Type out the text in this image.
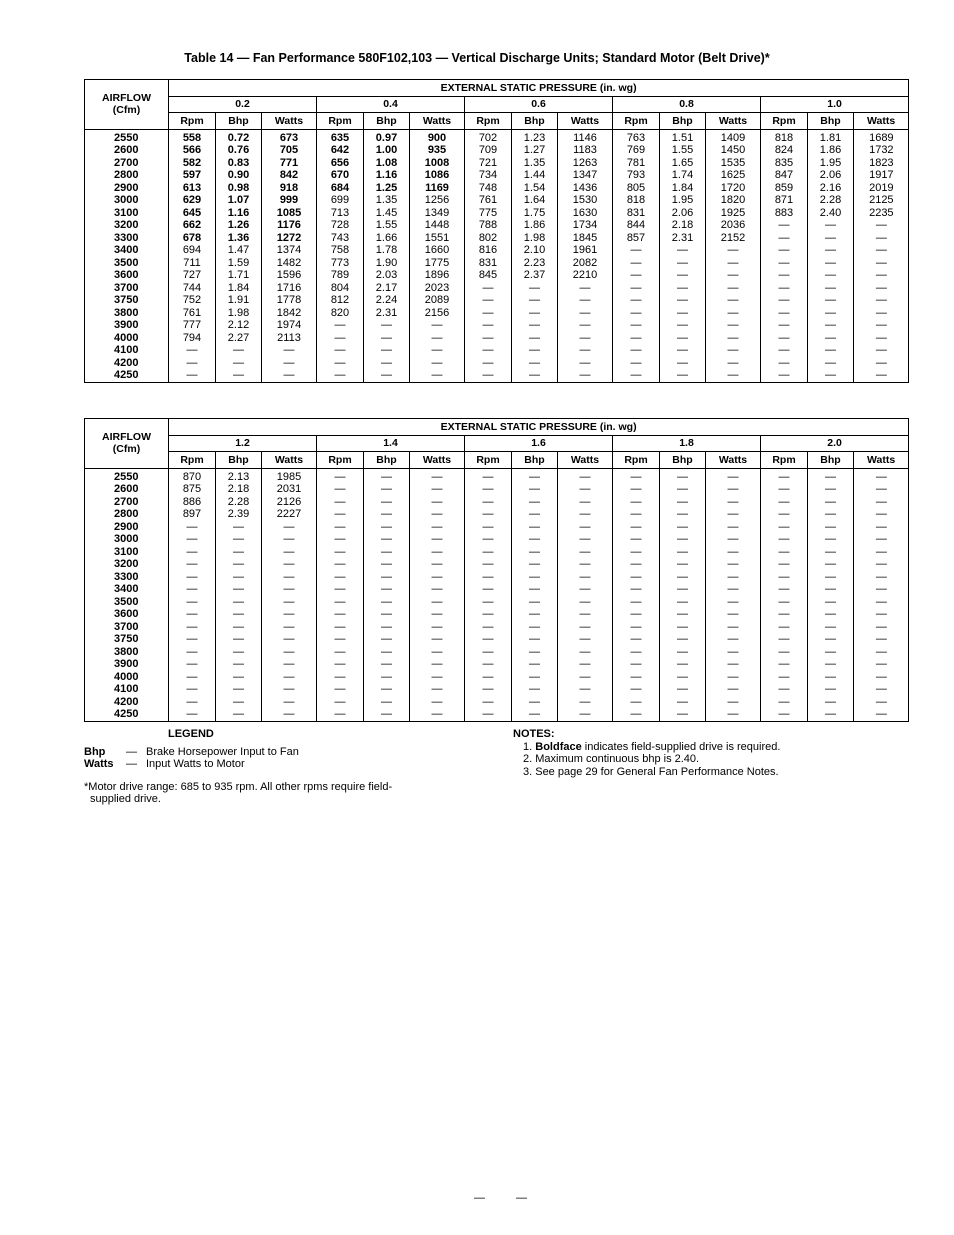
Table 14 — Fan Performance 580F102,103 — Vertical Discharge Units; Standard Motor (Belt Drive)*
AIRFLOW
(Cfm)	EXTERNAL STATIC PRESSURE (in. wg)														
	0.2			0.4			0.6			0.8			1.0		
	Rpm	Bhp	Watts	Rpm	Bhp	Watts	Rpm	Bhp	Watts	Rpm	Bhp	Watts	Rpm	Bhp	Watts
2550	558	0.72	673	635	0.97	900	702	1.23	1146	763	1.51	1409	818	1.81	1689
2600	566	0.76	705	642	1.00	935	709	1.27	1183	769	1.55	1450	824	1.86	1732
2700	582	0.83	771	656	1.08	1008	721	1.35	1263	781	1.65	1535	835	1.95	1823
2800	597	0.90	842	670	1.16	1086	734	1.44	1347	793	1.74	1625	847	2.06	1917
2900	613	0.98	918	684	1.25	1169	748	1.54	1436	805	1.84	1720	859	2.16	2019
3000	629	1.07	999	699	1.35	1256	761	1.64	1530	818	1.95	1820	871	2.28	2125
3100	645	1.16	1085	713	1.45	1349	775	1.75	1630	831	2.06	1925	883	2.40	2235
3200	662	1.26	1176	728	1.55	1448	788	1.86	1734	844	2.18	2036	—	—	—
3300	678	1.36	1272	743	1.66	1551	802	1.98	1845	857	2.31	2152	—	—	—
3400	694	1.47	1374	758	1.78	1660	816	2.10	1961	—	—	—	—	—	—
3500	711	1.59	1482	773	1.90	1775	831	2.23	2082	—	—	—	—	—	—
3600	727	1.71	1596	789	2.03	1896	845	2.37	2210	—	—	—	—	—	—
3700	744	1.84	1716	804	2.17	2023	—	—	—	—	—	—	—	—	—
3750	752	1.91	1778	812	2.24	2089	—	—	—	—	—	—	—	—	—
3800	761	1.98	1842	820	2.31	2156	—	—	—	—	—	—	—	—	—
3900	777	2.12	1974	—	—	—	—	—	—	—	—	—	—	—	—
4000	794	2.27	2113	—	—	—	—	—	—	—	—	—	—	—	—
4100	—	—	—	—	—	—	—	—	—	—	—	—	—	—	—
4200	—	—	—	—	—	—	—	—	—	—	—	—	—	—	—
4250	—	—	—	—	—	—	—	—	—	—	—	—	—	—	—
AIRFLOW
(Cfm)	EXTERNAL STATIC PRESSURE (in. wg)														
	1.2			1.4			1.6			1.8			2.0		
	Rpm	Bhp	Watts	Rpm	Bhp	Watts	Rpm	Bhp	Watts	Rpm	Bhp	Watts	Rpm	Bhp	Watts
2550	870	2.13	1985	—	—	—	—	—	—	—	—	—	—	—	—
2600	875	2.18	2031	—	—	—	—	—	—	—	—	—	—	—	—
2700	886	2.28	2126	—	—	—	—	—	—	—	—	—	—	—	—
2800	897	2.39	2227	—	—	—	—	—	—	—	—	—	—	—	—
2900	—	—	—	—	—	—	—	—	—	—	—	—	—	—	—
3000	—	—	—	—	—	—	—	—	—	—	—	—	—	—	—
3100	—	—	—	—	—	—	—	—	—	—	—	—	—	—	—
3200	—	—	—	—	—	—	—	—	—	—	—	—	—	—	—
3300	—	—	—	—	—	—	—	—	—	—	—	—	—	—	—
3400	—	—	—	—	—	—	—	—	—	—	—	—	—	—	—
3500	—	—	—	—	—	—	—	—	—	—	—	—	—	—	—
3600	—	—	—	—	—	—	—	—	—	—	—	—	—	—	—
3700	—	—	—	—	—	—	—	—	—	—	—	—	—	—	—
3750	—	—	—	—	—	—	—	—	—	—	—	—	—	—	—
3800	—	—	—	—	—	—	—	—	—	—	—	—	—	—	—
3900	—	—	—	—	—	—	—	—	—	—	—	—	—	—	—
4000	—	—	—	—	—	—	—	—	—	—	—	—	—	—	—
4100	—	—	—	—	—	—	—	—	—	—	—	—	—	—	—
4200	—	—	—	—	—	—	—	—	—	—	—	—	—	—	—
4250	—	—	—	—	—	—	—	—	—	—	—	—	—	—	—
LEGEND
Bhp	— Brake Horsepower Input to Fan
Watts	— Input Watts to Motor
*Motor drive range: 685 to 935 rpm. All other rpms require field-
supplied drive.
NOTES:
1. Boldface indicates field-supplied drive is required.
2. Maximum continuous bhp is 2.40.
3. See page 29 for General Fan Performance Notes.
— —
